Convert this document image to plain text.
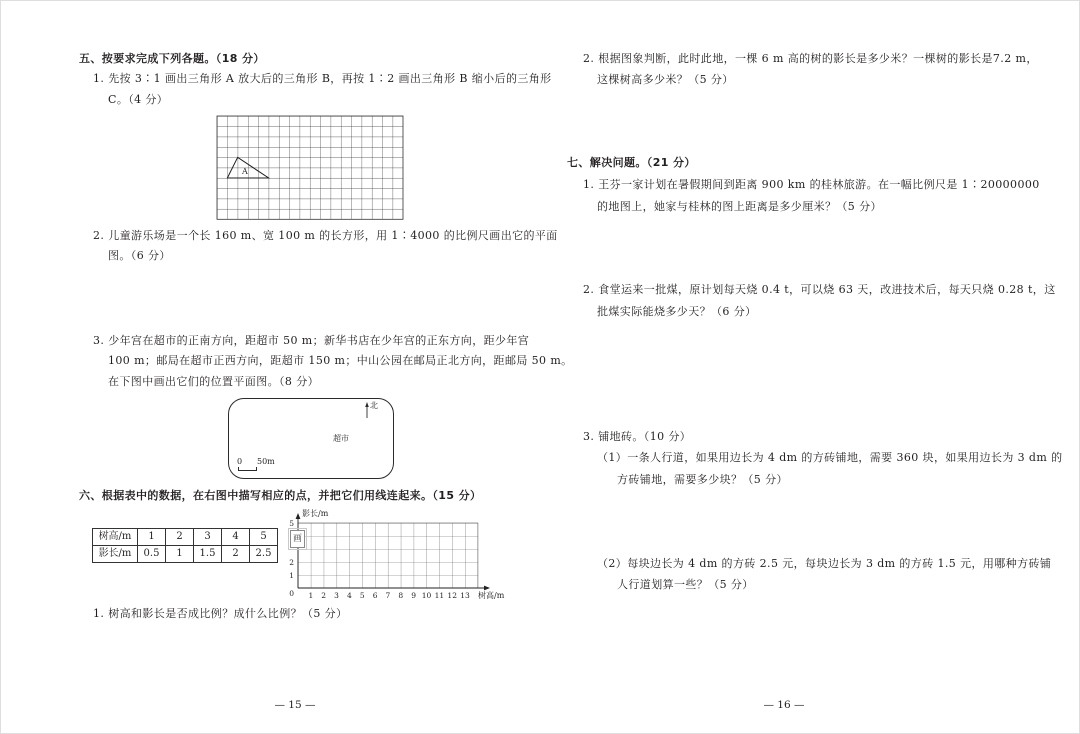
五、按要求完成下列各题。（18 分）
1. 先按 3∶1 画出三角形 A 放大后的三角形 B，再按 1∶2 画出三角形 B 缩小后的三角形
C。（4 分）
A
2. 儿童游乐场是一个长 160 m、宽 100 m 的长方形，用 1∶4000 的比例尺画出它的平面
图。（6 分）
3. 少年宫在超市的正南方向，距超市 50 m；新华书店在少年宫的正东方向，距少年宫
100 m；邮局在超市正西方向，距超市 150 m；中山公园在邮局正北方向，距邮局 50 m。
在下图中画出它们的位置平面图。（8 分）
北
超市
0 50m
六、根据表中的数据，在右图中描写相应的点，并把它们用线连起来。（15 分）
树高/m	1	2	3	4	5
影长/m	0.5	1	1.5	2	2.5
影长/m
树高/m
0 1 2 3 4 5 6 7 8 9 10 11 12 13
5
2
1
画
1. 树高和影长是否成比例？成什么比例？（5 分）
— 15 —
2. 根据图象判断，此时此地，一棵 6 m 高的树的影长是多少米？一棵树的影长是7.2 m，
这棵树高多少米？（5 分）
七、解决问题。（21 分）
1. 王芬一家计划在暑假期间到距离 900 km 的桂林旅游。在一幅比例尺是 1∶20000000
的地图上，她家与桂林的图上距离是多少厘米？（5 分）
2. 食堂运来一批煤，原计划每天烧 0.4 t，可以烧 63 天，改进技术后，每天只烧 0.28 t，这
批煤实际能烧多少天？（6 分）
3. 铺地砖。（10 分）
（1）一条人行道，如果用边长为 4 dm 的方砖铺地，需要 360 块，如果用边长为 3 dm 的
方砖铺地，需要多少块？（5 分）
（2）每块边长为 4 dm 的方砖 2.5 元，每块边长为 3 dm 的方砖 1.5 元，用哪种方砖铺
人行道划算一些？（5 分）
— 16 —
